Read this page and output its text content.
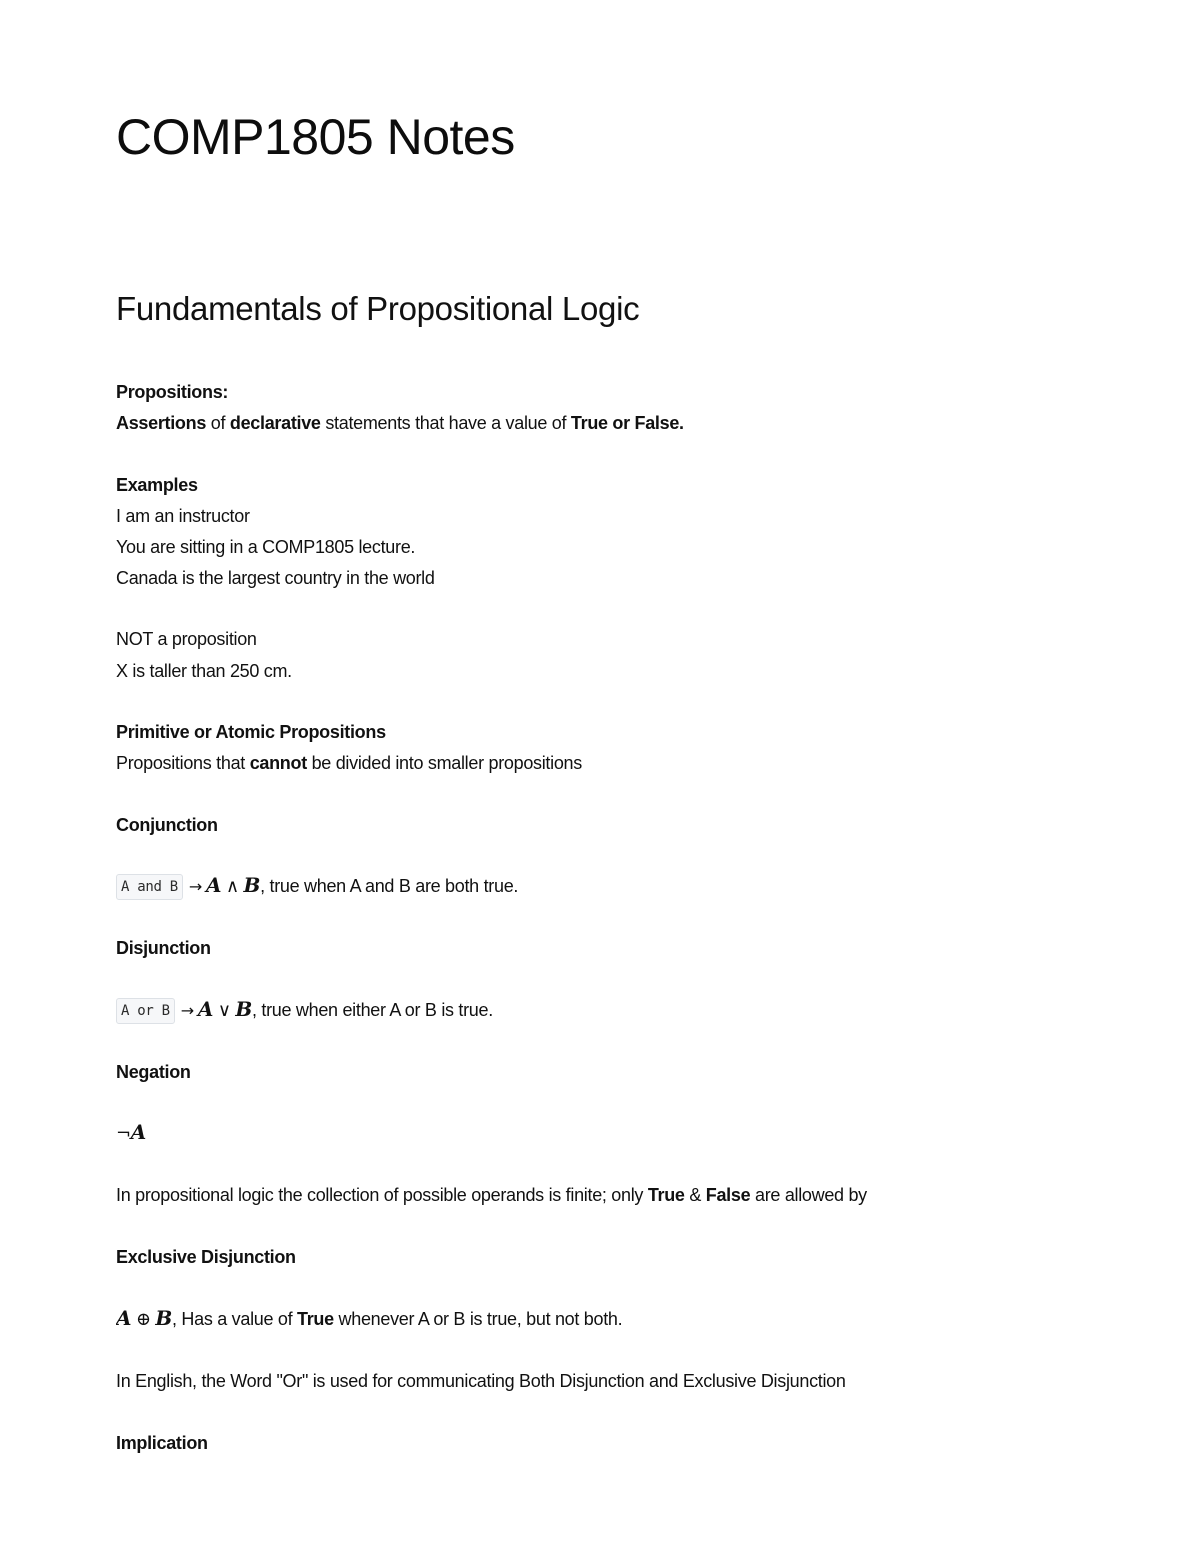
COMP1805 Notes
Fundamentals of Propositional Logic
Propositions:
Assertions of declarative statements that have a value of True or False.
Examples
I am an instructor
You are sitting in a COMP1805 lecture.
Canada is the largest country in the world
NOT a proposition
X is taller than 250 cm.
Primitive or Atomic Propositions
Propositions that cannot be divided into smaller propositions
Conjunction
A and B → A ∧ B, true when A and B are both true.
Disjunction
A or B → A ∨ B, true when either A or B is true.
Negation
¬A
In propositional logic the collection of possible operands is finite; only True & False are allowed by
Exclusive Disjunction
A ⊕ B, Has a value of True whenever A or B is true, but not both.
In English, the Word "Or" is used for communicating Both Disjunction and Exclusive Disjunction
Implication
